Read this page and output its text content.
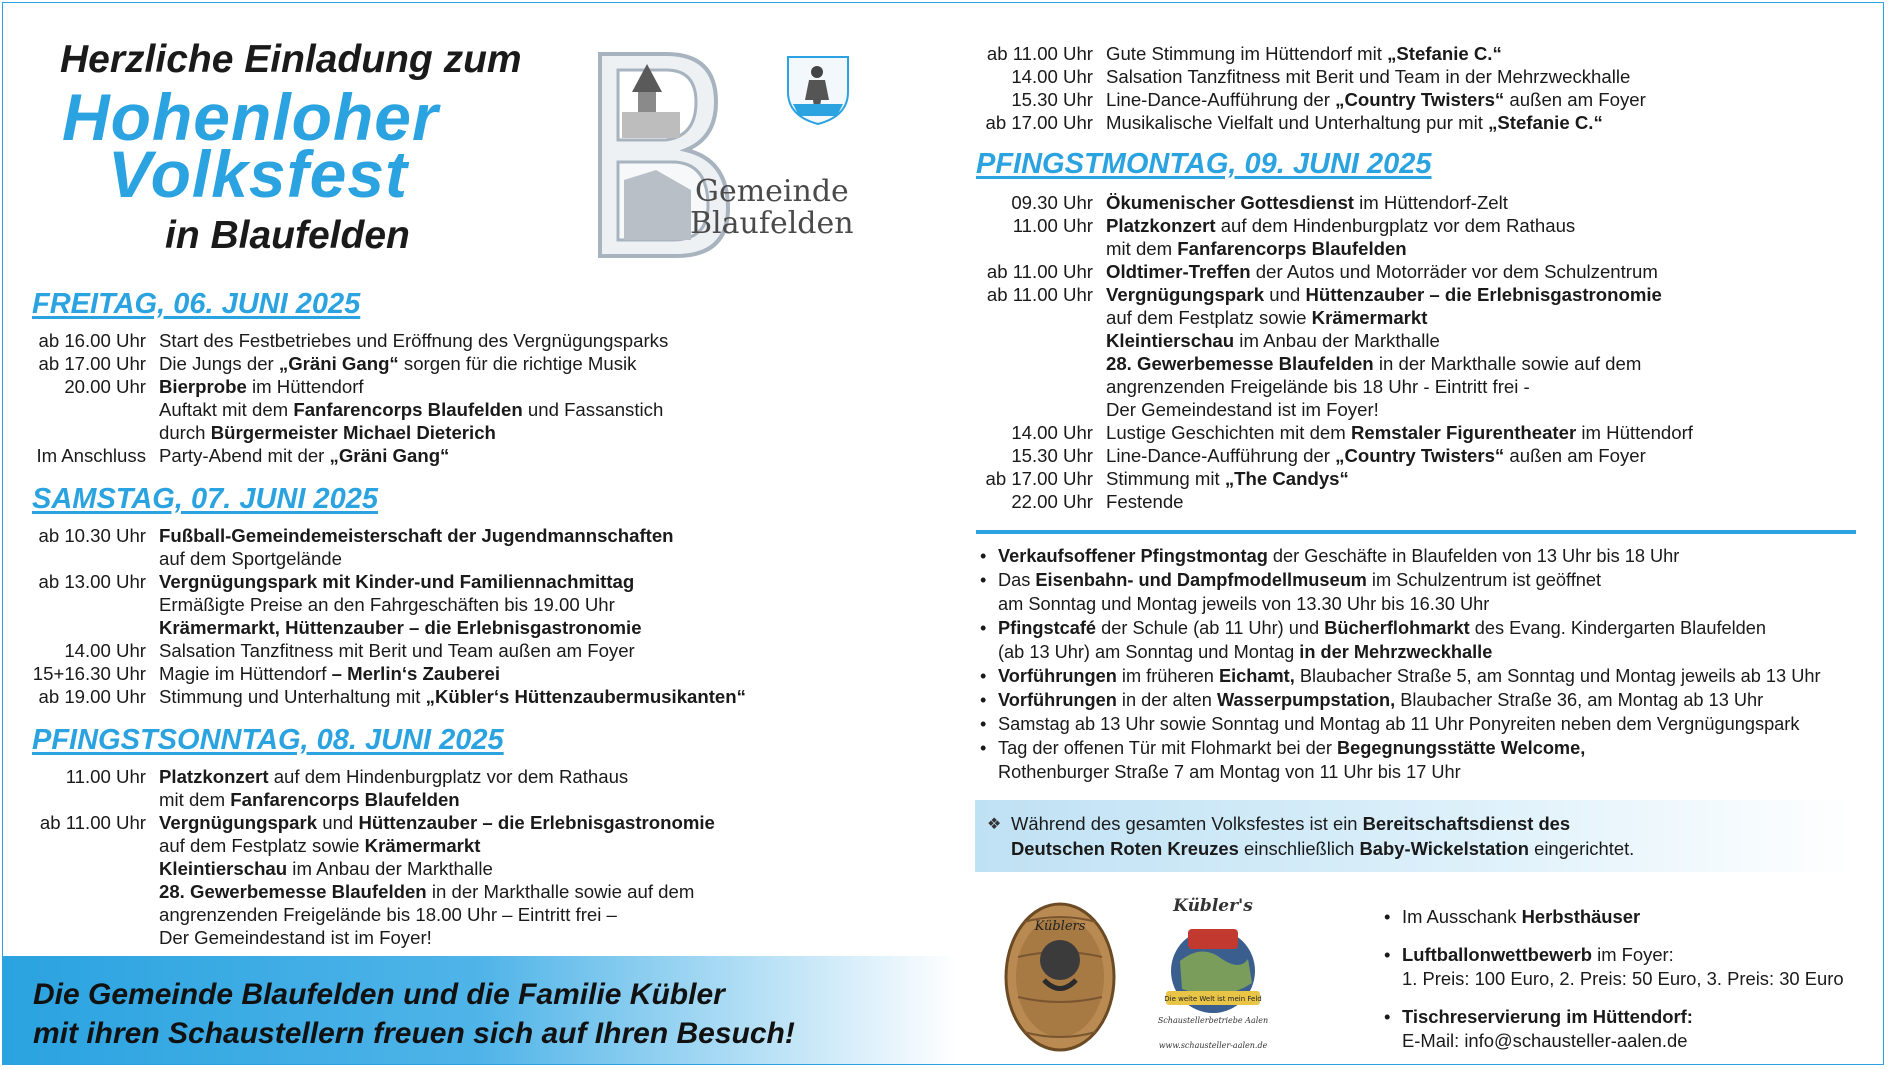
Herzliche Einladung zum
Hohenloher
Volksfest
in Blaufelden
Gemeinde
Blaufelden
FREITAG, 06. JUNI 2025
ab 16.00 Uhr Start des Festbetriebes und Eröffnung des Vergnügungsparks
ab 17.00 Uhr Die Jungs der „Gräni Gang“ sorgen für die richtige Musik
20.00 Uhr Bierprobe im Hüttendorf
Auftakt mit dem Fanfarencorps Blaufelden und Fassanstich
durch Bürgermeister Michael Dieterich
Im Anschluss Party-Abend mit der „Gräni Gang“
SAMSTAG, 07. JUNI 2025
ab 10.30 Uhr Fußball-Gemeindemeisterschaft der Jugendmannschaften
auf dem Sportgelände
ab 13.00 Uhr Vergnügungspark mit Kinder-und Familiennachmittag
Ermäßigte Preise an den Fahrgeschäften bis 19.00 Uhr
Krämermarkt, Hüttenzauber – die Erlebnisgastronomie
14.00 Uhr Salsation Tanzfitness mit Berit und Team außen am Foyer
15+16.30 Uhr Magie im Hüttendorf – Merlin‘s Zauberei
ab 19.00 Uhr Stimmung und Unterhaltung mit „Kübler‘s Hüttenzaubermusikanten“
PFINGSTSONNTAG, 08. JUNI 2025
11.00 Uhr Platzkonzert auf dem Hindenburgplatz vor dem Rathaus
mit dem Fanfarencorps Blaufelden
ab 11.00 Uhr Vergnügungspark und Hüttenzauber – die Erlebnisgastronomie
auf dem Festplatz sowie Krämermarkt
Kleintierschau im Anbau der Markthalle
28. Gewerbemesse Blaufelden in der Markthalle sowie auf dem
angrenzenden Freigelände bis 18.00 Uhr – Eintritt frei –
Der Gemeindestand ist im Foyer!
Die Gemeinde Blaufelden und die Familie Kübler
mit ihren Schaustellern freuen sich auf Ihren Besuch!
ab 11.00 Uhr Gute Stimmung im Hüttendorf mit „Stefanie C.“
14.00 Uhr Salsation Tanzfitness mit Berit und Team in der Mehrzweckhalle
15.30 Uhr Line-Dance-Aufführung der „Country Twisters“ außen am Foyer
ab 17.00 Uhr Musikalische Vielfalt und Unterhaltung pur mit „Stefanie C.“
PFINGSTMONTAG, 09. JUNI 2025
09.30 Uhr Ökumenischer Gottesdienst im Hüttendorf-Zelt
11.00 Uhr Platzkonzert auf dem Hindenburgplatz vor dem Rathaus
mit dem Fanfarencorps Blaufelden
ab 11.00 Uhr Oldtimer-Treffen der Autos und Motorräder vor dem Schulzentrum
ab 11.00 Uhr Vergnügungspark und Hüttenzauber – die Erlebnisgastronomie
auf dem Festplatz sowie Krämermarkt
Kleintierschau im Anbau der Markthalle
28. Gewerbemesse Blaufelden in der Markthalle sowie auf dem
angrenzenden Freigelände bis 18 Uhr - Eintritt frei -
Der Gemeindestand ist im Foyer!
14.00 Uhr Lustige Geschichten mit dem Remstaler Figurentheater im Hüttendorf
15.30 Uhr Line-Dance-Aufführung der „Country Twisters“ außen am Foyer
ab 17.00 Uhr Stimmung mit „The Candys“
22.00 Uhr Festende
• Verkaufsoffener Pfingstmontag der Geschäfte in Blaufelden von 13 Uhr bis 18 Uhr
• Das Eisenbahn- und Dampfmodellmuseum im Schulzentrum ist geöffnet
am Sonntag und Montag jeweils von 13.30 Uhr bis 16.30 Uhr
• Pfingstcafé der Schule (ab 11 Uhr) und Bücherflohmarkt des Evang. Kindergarten Blaufelden
(ab 13 Uhr) am Sonntag und Montag in der Mehrzweckhalle
• Vorführungen im früheren Eichamt, Blaubacher Straße 5, am Sonntag und Montag jeweils ab 13 Uhr
• Vorführungen in der alten Wasserpumpstation, Blaubacher Straße 36, am Montag ab 13 Uhr
• Samstag ab 13 Uhr sowie Sonntag und Montag ab 11 Uhr Ponyreiten neben dem Vergnügungspark
• Tag der offenen Tür mit Flohmarkt bei der Begegnungsstätte Welcome,
Rothenburger Straße 7 am Montag von 11 Uhr bis 17 Uhr
❖ Während des gesamten Volksfestes ist ein Bereitschaftsdienst des
Deutschen Roten Kreuzes einschließlich Baby-Wickelstation eingerichtet.
Küblers
Kübler's
Die weite Welt ist mein Feld
Schaustellerbetriebe Aalen
www.schausteller-aalen.de
• Im Ausschank Herbsthäuser
• Luftballonwettbewerb im Foyer:
1. Preis: 100 Euro, 2. Preis: 50 Euro, 3. Preis: 30 Euro
• Tischreservierung im Hüttendorf:
E-Mail: info@schausteller-aalen.de
